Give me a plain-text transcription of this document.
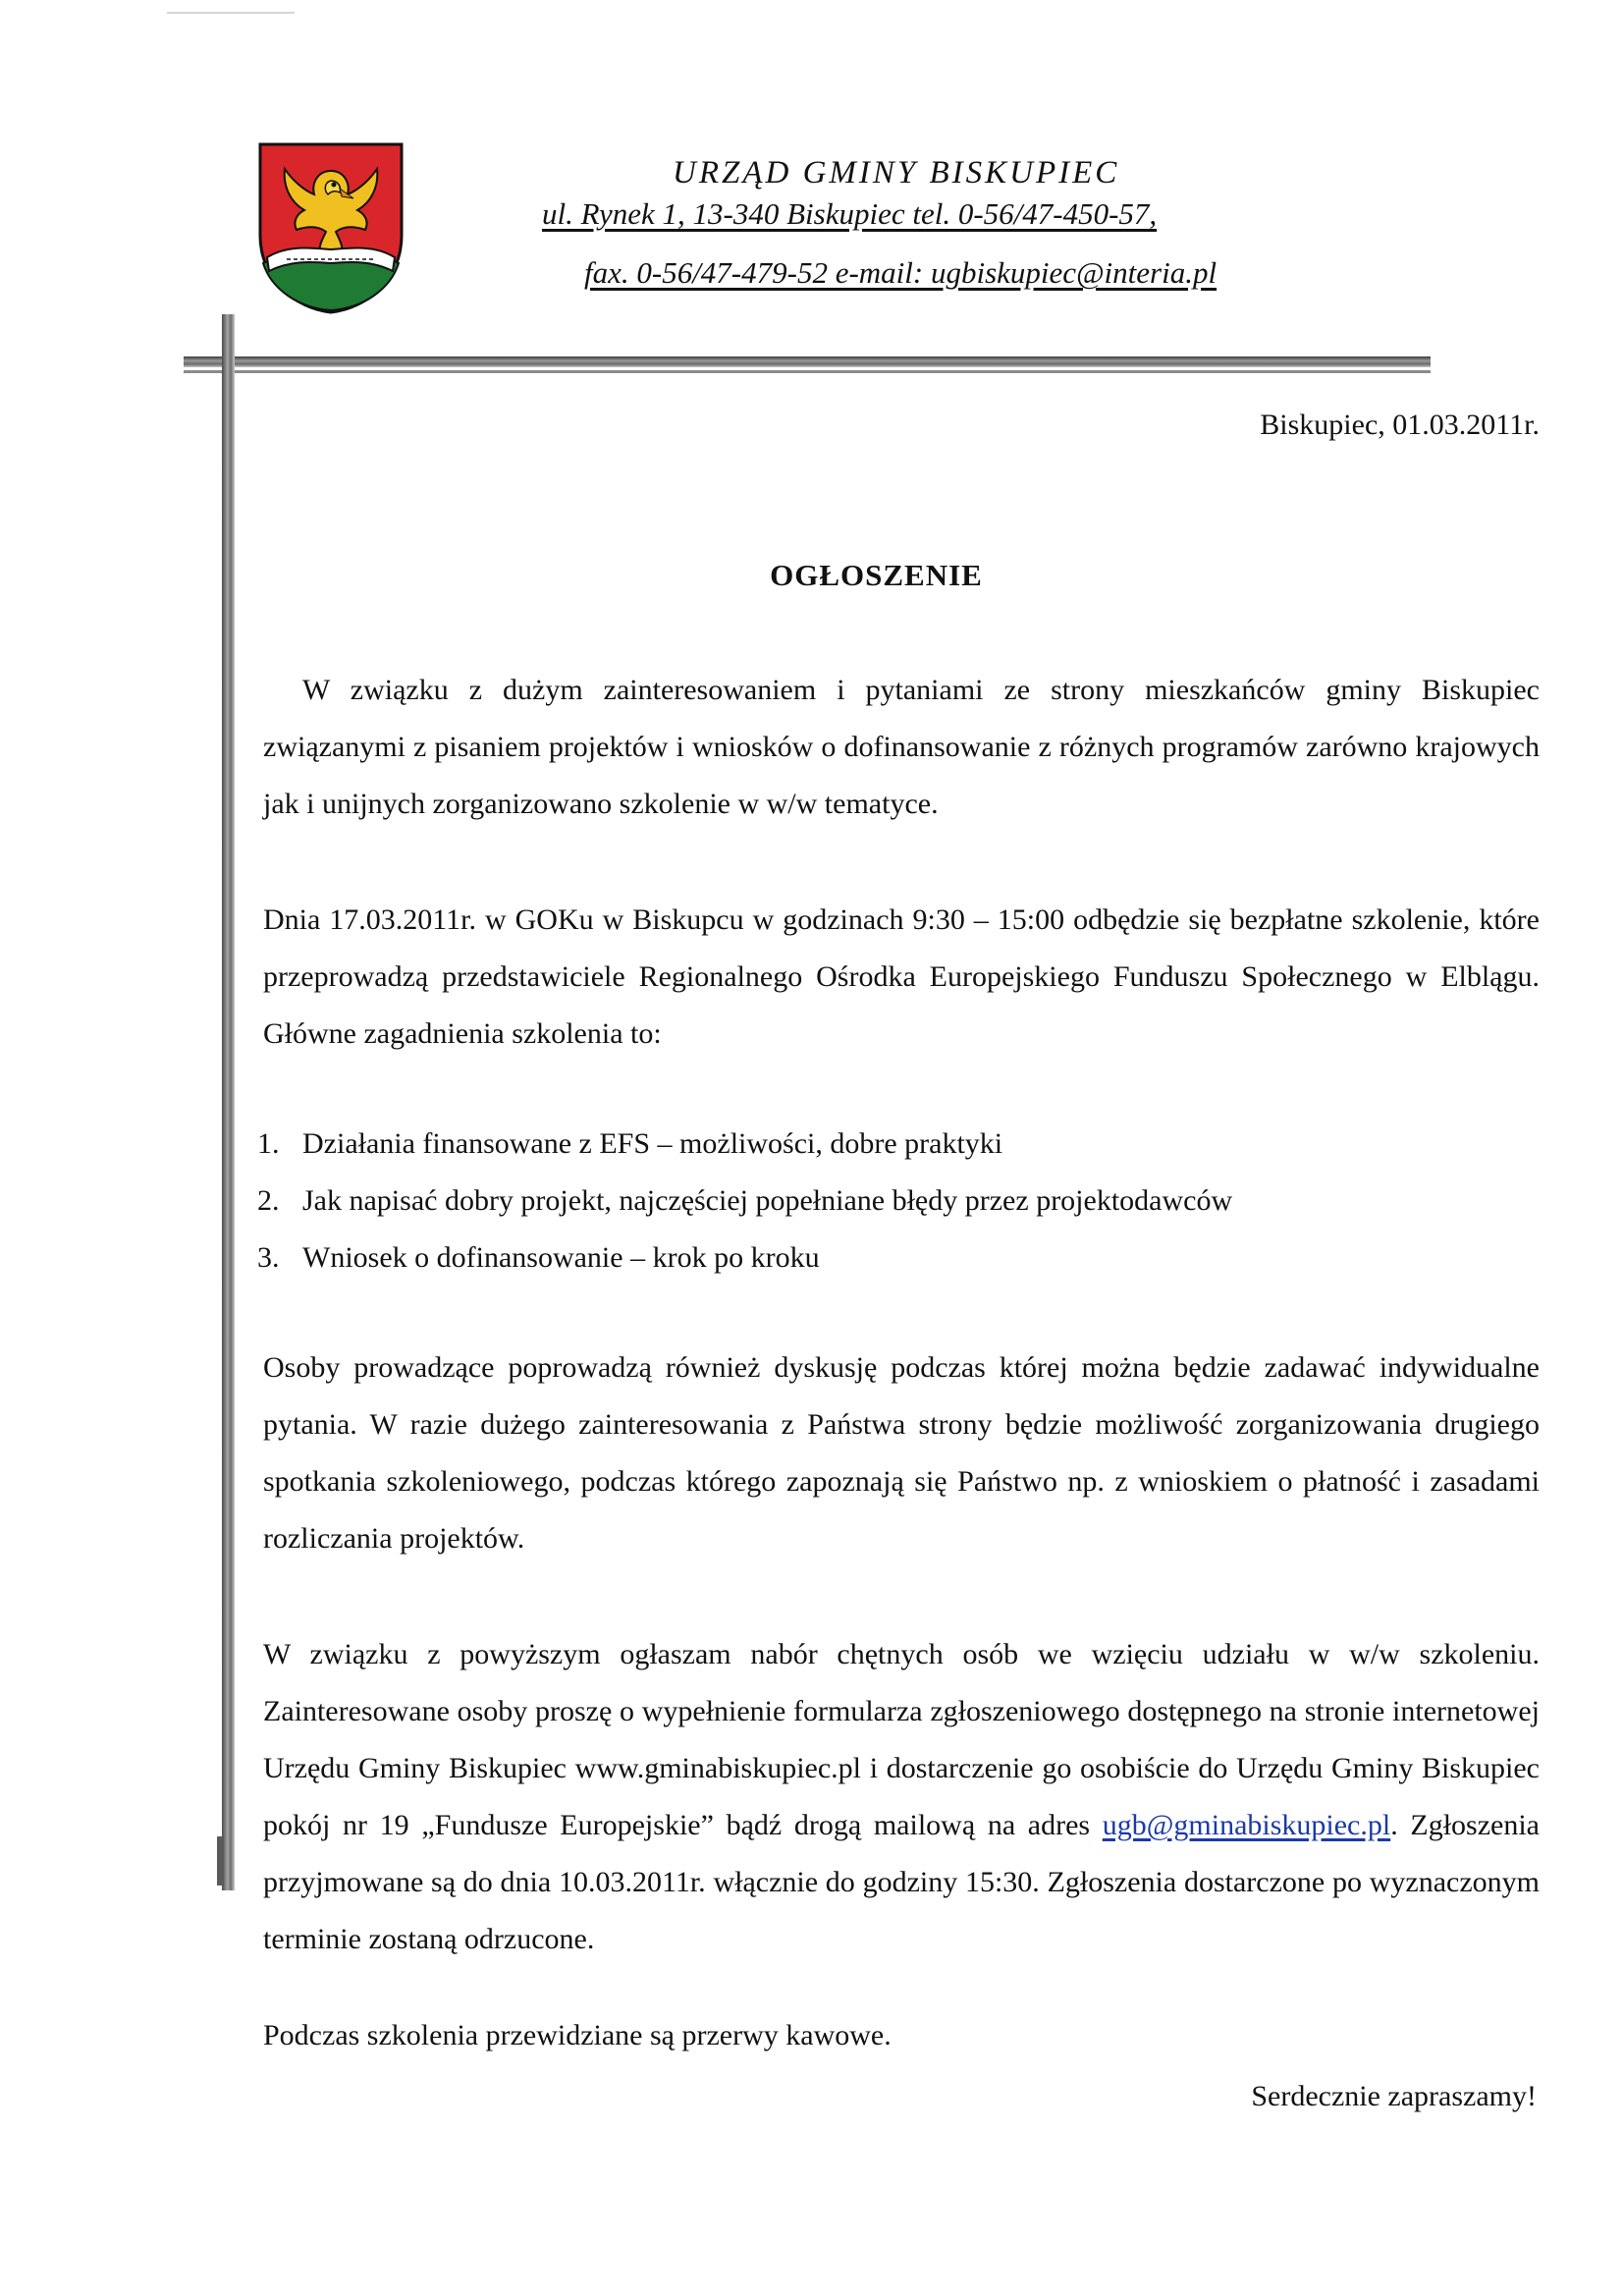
URZĄD GMINY BISKUPIEC
ul. Rynek 1, 13-340 Biskupiec tel. 0-56/47-450-57,
fax. 0-56/47-479-52 e-mail: ugbiskupiec@interia.pl
Biskupiec, 01.03.2011r.
OGŁOSZENIE
W związku z dużym zainteresowaniem i pytaniami ze strony mieszkańców gminy Biskupiec związanymi z pisaniem projektów i wniosków o dofinansowanie z różnych programów zarówno krajowych jak i unijnych zorganizowano szkolenie w w/w tematyce.
Dnia 17.03.2011r. w GOKu w Biskupcu w godzinach 9:30 – 15:00 odbędzie się bezpłatne szkolenie, które przeprowadzą przedstawiciele Regionalnego Ośrodka Europejskiego Funduszu Społecznego w Elblągu. Główne zagadnienia szkolenia to:
1. Działania finansowane z EFS – możliwości, dobre praktyki
2. Jak napisać dobry projekt, najczęściej popełniane błędy przez projektodawców
3. Wniosek o dofinansowanie – krok po kroku
Osoby prowadzące poprowadzą również dyskusję podczas której można będzie zadawać indywidualne pytania. W razie dużego zainteresowania z Państwa strony będzie możliwość zorganizowania drugiego spotkania szkoleniowego, podczas którego zapoznają się Państwo np. z wnioskiem o płatność i zasadami rozliczania projektów.
W związku z powyższym ogłaszam nabór chętnych osób we wzięciu udziału w w/w szkoleniu. Zainteresowane osoby proszę o wypełnienie formularza zgłoszeniowego dostępnego na stronie internetowej Urzędu Gminy Biskupiec www.gminabiskupiec.pl i dostarczenie go osobiście do Urzędu Gminy Biskupiec pokój nr 19 „Fundusze Europejskie” bądź drogą mailową na adres ugb@gminabiskupiec.pl. Zgłoszenia przyjmowane są do dnia 10.03.2011r. włącznie do godziny 15:30. Zgłoszenia dostarczone po wyznaczonym terminie zostaną odrzucone.
Podczas szkolenia przewidziane są przerwy kawowe.
Serdecznie zapraszamy!
